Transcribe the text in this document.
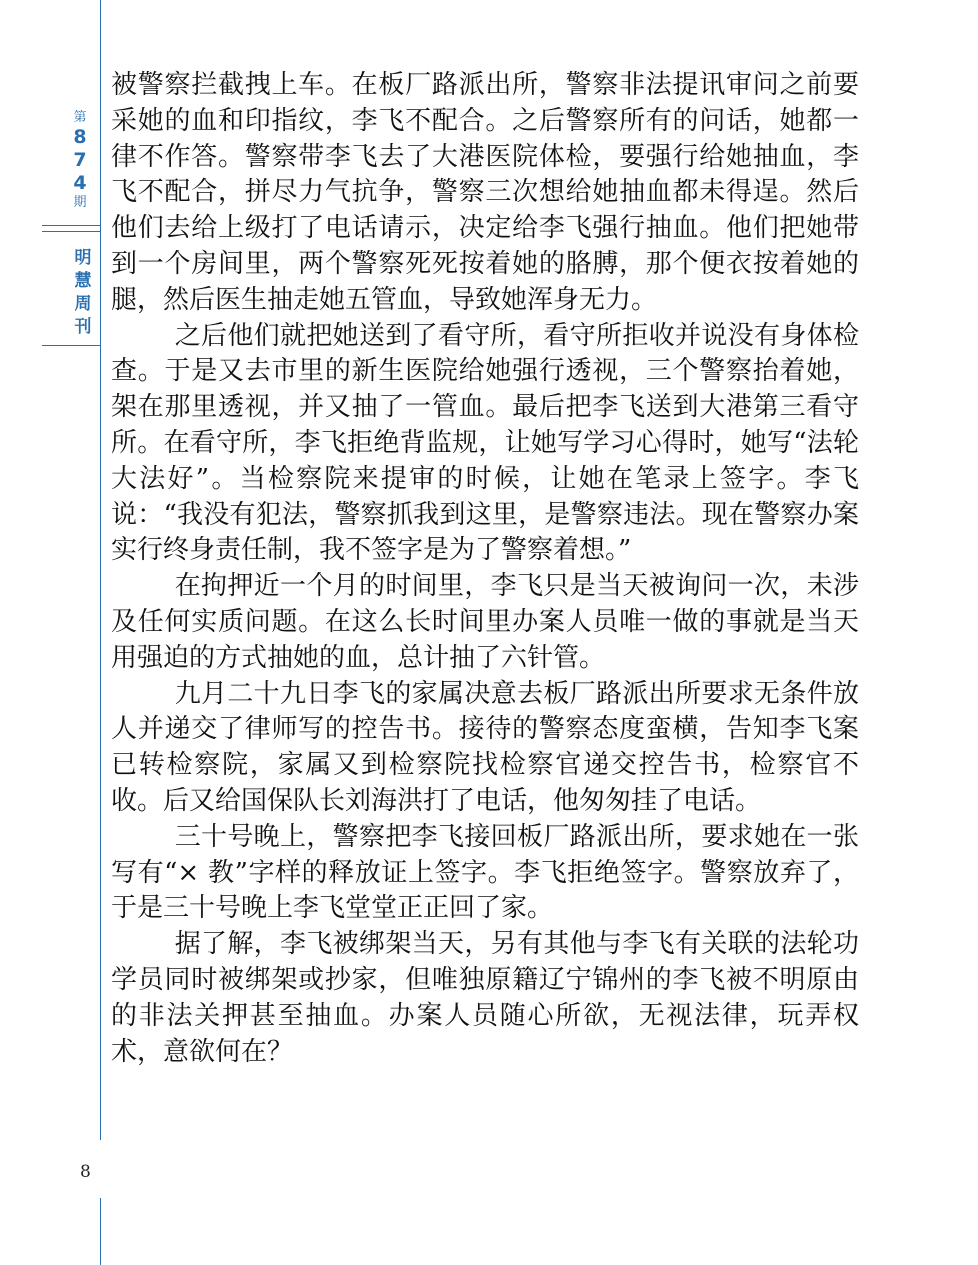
第
8
7
4
期
明
慧
周
刊
8

被警察拦截拽上车。在板厂路派出所，警察非法提讯审问之前要采她的血和印指纹，李飞不配合。之后警察所有的问话，她都一律不作答。警察带李飞去了大港医院体检，要强行给她抽血，李飞不配合，拼尽力气抗争，警察三次想给她抽血都未得逞。然后他们去给上级打了电话请示，决定给李飞强行抽血。他们把她带到一个房间里，两个警察死死按着她的胳膊，那个便衣按着她的腿，然后医生抽走她五管血，导致她浑身无力。

之后他们就把她送到了看守所，看守所拒收并说没有身体检查。于是又去市里的新生医院给她强行透视，三个警察抬着她，架在那里透视，并又抽了一管血。最后把李飞送到大港第三看守所。在看守所，李飞拒绝背监规，让她写学习心得时，她写“法轮大法好”。当检察院来提审的时候，让她在笔录上签字。李飞说：“我没有犯法，警察抓我到这里，是警察违法。现在警察办案实行终身责任制，我不签字是为了警察着想。”

在拘押近一个月的时间里，李飞只是当天被询问一次，未涉及任何实质问题。在这么长时间里办案人员唯一做的事就是当天用强迫的方式抽她的血，总计抽了六针管。

九月二十九日李飞的家属决意去板厂路派出所要求无条件放人并递交了律师写的控告书。接待的警察态度蛮横，告知李飞案已转检察院，家属又到检察院找检察官递交控告书，检察官不收。后又给国保队长刘海洪打了电话，他匆匆挂了电话。

三十号晚上，警察把李飞接回板厂路派出所，要求她在一张写有“× 教”字样的释放证上签字。李飞拒绝签字。警察放弃了，于是三十号晚上李飞堂堂正正回了家。

据了解，李飞被绑架当天，另有其他与李飞有关联的法轮功学员同时被绑架或抄家，但唯独原籍辽宁锦州的李飞被不明原由的非法关押甚至抽血。办案人员随心所欲，无视法律，玩弄权术，意欲何在？
